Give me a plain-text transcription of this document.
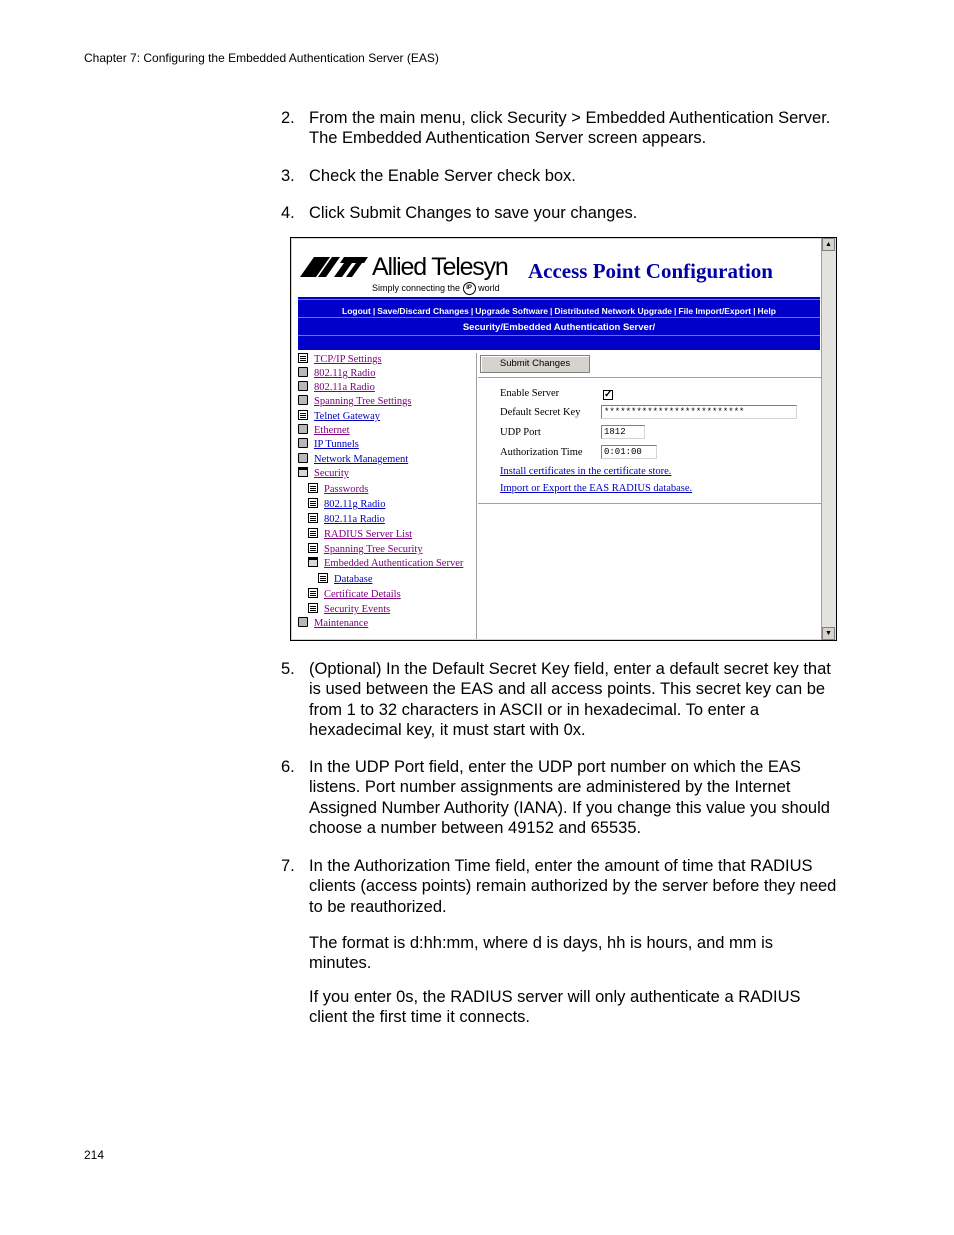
Chapter 7: Configuring the Embedded Authentication Server (EAS)
2. From the main menu, click Security > Embedded Authentication Server. The Embedded Authentication Server screen appears.
3. Check the Enable Server check box.
4. Click Submit Changes to save your changes.
Allied Telesyn
Simply connecting the IP world
Access Point Configuration
Logout | Save/Discard Changes | Upgrade Software | Distributed Network Upgrade | File Import/Export | Help
Security/Embedded Authentication Server/
TCP/IP Settings
802.11g Radio
802.11a Radio
Spanning Tree Settings
Telnet Gateway
Ethernet
IP Tunnels
Network Management
Security
Passwords
802.11g Radio
802.11a Radio
RADIUS Server List
Spanning Tree Security
Embedded Authentication Server
Database
Certificate Details
Security Events
Maintenance
Submit Changes
Enable Server	✓
Default Secret Key	**************************
UDP Port	1812
Authorization Time	0:01:00
Install certificates in the certificate store.
Import or Export the EAS RADIUS database.
▲
▼
5. (Optional) In the Default Secret Key field, enter a default secret key that is used between the EAS and all access points. This secret key can be from 1 to 32 characters in ASCII or in hexadecimal. To enter a hexadecimal key, it must start with 0x.
6. In the UDP Port field, enter the UDP port number on which the EAS listens. Port number assignments are administered by the Internet Assigned Number Authority (IANA). If you change this value you should choose a number between 49152 and 65535.
7. In the Authorization Time field, enter the amount of time that RADIUS clients (access points) remain authorized by the server before they need to be reauthorized.
The format is d:hh:mm, where d is days, hh is hours, and mm is minutes.
If you enter 0s, the RADIUS server will only authenticate a RADIUS client the first time it connects.
214
